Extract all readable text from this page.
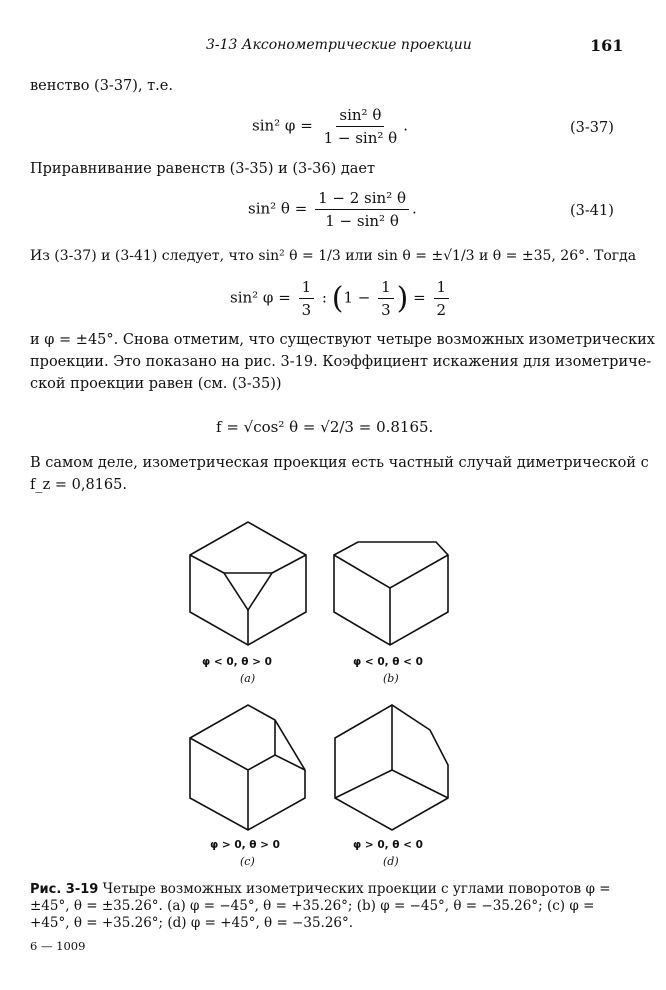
3-13 Аксонометрические проекции	161
венство (3-37), т.е.
sin² $\varphi = \frac{\text{sin² θ}}{\text{1 − sin² θ}}$ .	(3-37)
Приравнивание равенств (3-35) и (3-36) дает
sin² $\theta = \frac{\text{1 − 2 sin² θ}}{\text{1 − sin² θ}}$ .	(3-41)
Из (3-37) и (3-41) следует, что sin² θ = 1/3 или sin θ = ±√1/3 и θ = ±35, 26°. Тогда
sin² $\varphi = \frac{1}{3}$ : ($1 - \frac{1}{3}$ ) = $\frac{1}{2}$
и φ = ±45°. Снова отметим, что существуют четыре возможных изометрических
проекции. Это показано на рис. 3-19. Коэффициент искажения для изометриче-
ской проекции равен (см. (3-35))
f = √cos² θ = √2/3 = 0.8165.
В самом деле, изометрическая проекция есть частный случай диметрической с
f_z = 0,8165.
φ < 0, θ > 0
(a)
φ < 0, θ < 0
(b)
φ > 0, θ > 0
(c)
φ > 0, θ < 0
(d)
Рис. 3-19 Четыре возможных изометрических проекции с углами поворотов φ = ±45°, θ = ±35.26°. (a) φ = −45°, θ = +35.26°; (b) φ = −45°, θ = −35.26°; (c) φ = +45°, θ = +35.26°; (d) φ = +45°, θ = −35.26°.
6 — 1009
